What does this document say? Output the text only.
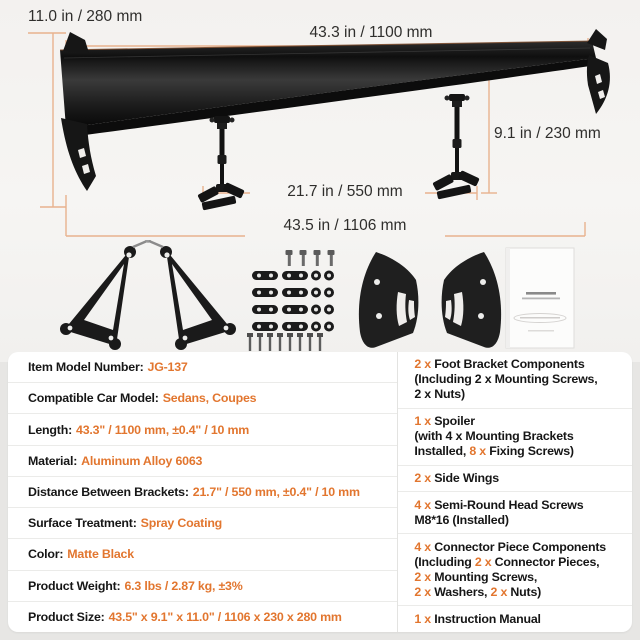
11.0 in / 280 mm
43.3 in / 1100 mm
9.1 in / 230 mm
21.7 in / 550 mm
43.5 in / 1106 mm
Item Model Number: JG-137
Compatible Car Model: Sedans, Coupes
Length: 43.3" / 1100 mm, ±0.4" / 10 mm
Material: Aluminum Alloy 6063
Distance Between Brackets: 21.7" / 550 mm, ±0.4" / 10 mm
Surface Treatment: Spray Coating
Color: Matte Black
Product Weight: 6.3 lbs / 2.87 kg, ±3%
Product Size: 43.5" x 9.1" x 11.0" / 1106 x 230 x 280 mm
2 x Foot Bracket Components
(Including 2 x Mounting Screws,
2 x Nuts)
1 x Spoiler
(with 4 x Mounting Brackets
Installed, 8 x Fixing Screws)
2 x Side Wings
4 x Semi-Round Head Screws
M8*16 (Installed)
4 x Connector Piece Components
(Including 2 x Connector Pieces,
2 x Mounting Screws,
2 x Washers, 2 x Nuts)
1 x Instruction Manual
